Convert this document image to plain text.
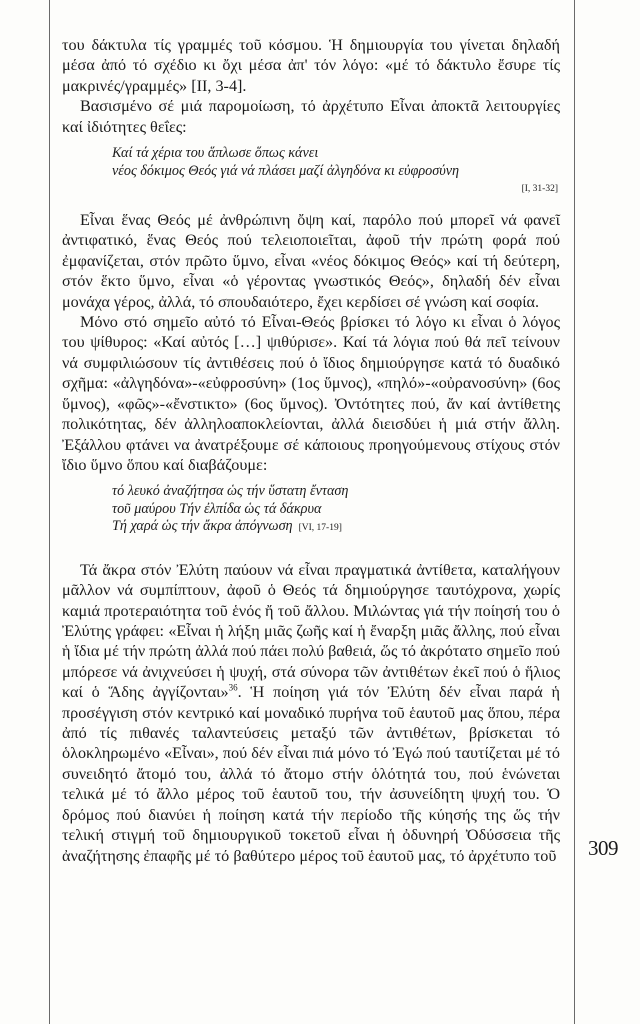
του δάκτυλα τίς γραμμές τοῦ κόσμου. Ἡ δημιουργία του γίνεται δηλαδή μέσα ἀπό τό σχέδιο κι ὄχι μέσα ἀπ' τόν λόγο: «μέ τό δάκτυλο ἔσυρε τίς μακρινές/γραμμές» [II, 3-4].

Βασισμένο σέ μιά παρομοίωση, τό ἀρχέτυπο Εἶναι ἀποκτᾶ λειτουργίες καί ἰδιότητες θεΐες:

Καί τά χέρια του ἅπλωσε ὅπως κάνει
νέος δόκιμος Θεός γιά νά πλάσει μαζί ἀλγηδόνα κι εὐφροσύνη
[I, 31-32]

Εἶναι ἕνας Θεός μέ ἀνθρώπινη ὄψη καί, παρόλο πού μπορεῖ νά φανεῖ ἀντιφατικό, ἕνας Θεός πού τελειοποιεῖται, ἀφοῦ τήν πρώτη φορά πού ἐμφανίζεται, στόν πρῶτο ὕμνο, εἶναι «νέος δόκιμος Θεός» καί τή δεύτερη, στόν ἕκτο ὕμνο, εἶναι «ὁ γέροντας γνωστικός Θεός», δηλαδή δέν εἶναι μονάχα γέρος, ἀλλά, τό σπουδαιότερο, ἔχει κερδίσει σέ γνώση καί σοφία.

Μόνο στό σημεῖο αὐτό τό Εἶναι-Θεός βρίσκει τό λόγο κι εἶναι ὁ λόγος του ψίθυρος: «Καί αὐτός […] ψιθύρισε». Καί τά λόγια πού θά πεῖ τείνουν νά συμφιλιώσουν τίς ἀντιθέσεις πού ὁ ἴδιος δημιούργησε κατά τό δυαδικό σχῆμα: «ἀλγηδόνα»-«εὐφροσύνη» (1ος ὕμνος), «πηλό»-«οὐρανοσύνη» (6ος ὕμνος), «φῶς»-«ἔνστικτο» (6ος ὕμνος). Ὀντότητες πού, ἄν καί ἀντίθετης πολικότητας, δέν ἀλληλοαποκλείονται, ἀλλά διεισδύει ἡ μιά στήν ἄλλη. Ἐξάλλου φτάνει να ἀνατρέξουμε σέ κάποιους προηγούμενους στίχους στόν ἴδιο ὕμνο ὅπου καί διαβάζουμε:

τό λευκό ἀναζήτησα ὡς τήν ὕστατη ἔνταση
τοῦ μαύρου Τήν ἐλπίδα ὡς τά δάκρυα
Τή χαρά ὡς τήν ἄκρα ἀπόγνωση [VI, 17-19]

Τά ἄκρα στόν Ἐλύτη παύουν νά εἶναι πραγματικά ἀντίθετα, καταλήγουν μᾶλλον νά συμπίπτουν, ἀφοῦ ὁ Θεός τά δημιούργησε ταυτόχρονα, χωρίς καμιά προτεραιότητα τοῦ ἑνός ἤ τοῦ ἄλλου. Μιλώντας γιά τήν ποίησή του ὁ Ἐλύτης γράφει: «Εἶναι ἡ λήξη μιᾶς ζωῆς καί ἡ ἔναρξη μιᾶς ἄλλης, πού εἶναι ἡ ἴδια μέ τήν πρώτη ἀλλά πού πάει πολύ βαθειά, ὥς τό ἀκρότατο σημεῖο πού μπόρεσε νά ἀνιχνεύσει ἡ ψυχή, στά σύνορα τῶν ἀντιθέτων ἐκεῖ πού ὁ ἥλιος καί ὁ Ἅδης ἀγγίζονται»$^{36}$. Ἡ ποίηση γιά τόν Ἐλύτη δέν εἶναι παρά ἡ προσέγγιση στόν κεντρικό καί μοναδικό πυρήνα τοῦ ἑαυτοῦ μας ὅπου, πέρα ἀπό τίς πιθανές ταλαντεύσεις μεταξύ τῶν ἀντιθέτων, βρίσκεται τό ὁλοκληρωμένο «Εἶναι», πού δέν εἶναι πιά μόνο τό Ἐγώ πού ταυτίζεται μέ τό συνειδητό ἄτομό του, ἀλλά τό ἄτομο στήν ὁλότητά του, πού ἑνώνεται τελικά μέ τό ἄλλο μέρος τοῦ ἑαυτοῦ του, τήν ἀσυνείδητη ψυχή του. Ὁ δρόμος πού διανύει ἡ ποίηση κατά τήν περίοδο τῆς κύησής της ὥς τήν τελική στιγμή τοῦ δημιουργικοῦ τοκετοῦ εἶναι ἡ ὀδυνηρή Ὀδύσσεια τῆς ἀναζήτησης ἐπαφῆς μέ τό βαθύτερο μέρος τοῦ ἑαυτοῦ μας, τό ἀρχέτυπο τοῦ 309
